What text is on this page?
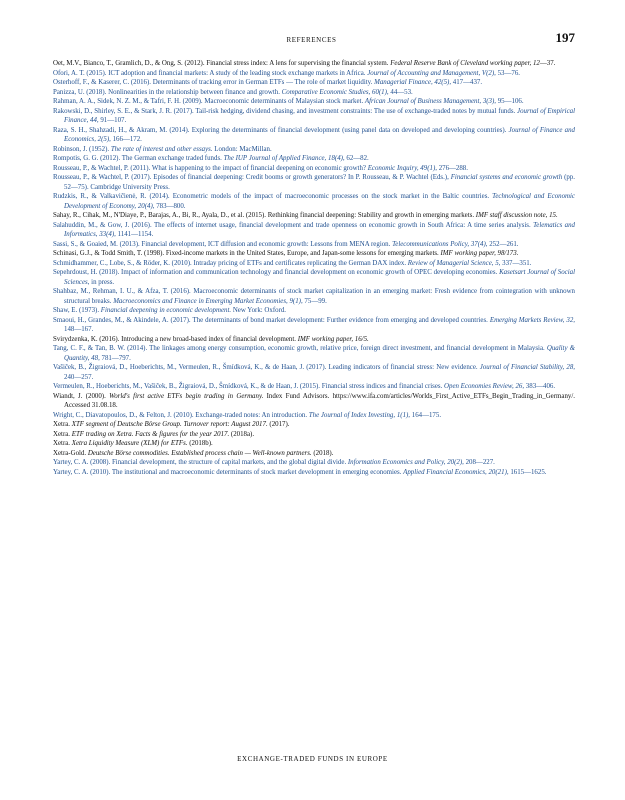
REFERENCES	197

Oet, M.V., Bianco, T., Gramlich, D., & Ong, S. (2012). Financial stress index: A lens for supervising the financial system. Federal Reserve Bank of Cleveland working paper, 12—37.

Ofori, A. T. (2015). ICT adoption and financial markets: A study of the leading stock exchange markets in Africa. Journal of Accounting and Management, V(2), 53—76.

Osterhoff, F., & Kaserer, C. (2016). Determinants of tracking error in German ETFs — The role of market liquidity. Managerial Finance, 42(5), 417—437.

Panizza, U. (2018). Nonlinearities in the relationship between finance and growth. Comparative Economic Studies, 60(1), 44—53.

Rahman, A. A., Sidek, N. Z. M., & Tafri, F. H. (2009). Macroeconomic determinants of Malaysian stock market. African Journal of Business Management, 3(3), 95—106.

Rakowski, D., Shirley, S. E., & Stark, J. R. (2017). Tail-risk hedging, dividend chasing, and investment constraints: The use of exchange-traded notes by mutual funds. Journal of Empirical Finance, 44, 91—107.

Raza, S. H., Shahzadi, H., & Akram, M. (2014). Exploring the determinants of financial development (using panel data on developed and developing countries). Journal of Finance and Economics, 2(5), 166—172.

Robinson, J. (1952). The rate of interest and other essays. London: MacMillan.

Rompotis, G. G. (2012). The German exchange traded funds. The IUP Journal of Applied Finance, 18(4), 62—82.

Rousseau, P., & Wachtel, P. (2011). What is happening to the impact of financial deepening on economic growth? Economic Inquiry, 49(1), 276—288.

Rousseau, P., & Wachtel, P. (2017). Episodes of financial deepening: Credit booms or growth generators? In P. Rousseau, & P. Wachtel (Eds.), Financial systems and economic growth (pp. 52—75). Cambridge University Press.

Rudzkis, R., & Valkavičienė, R. (2014). Econometric models of the impact of macroeconomic processes on the stock market in the Baltic countries. Technological and Economic Development of Economy, 20(4), 783—800.

Sahay, R., Cihak, M., N'Diaye, P., Barajas, A., Bi, R., Ayala, D., et al. (2015). Rethinking financial deepening: Stability and growth in emerging markets. IMF staff discussion note, 15.

Salahuddin, M., & Gow, J. (2016). The effects of internet usage, financial development and trade openness on economic growth in South Africa: A time series analysis. Telematics and Informatics, 33(4), 1141—1154.

Sassi, S., & Goaied, M. (2013). Financial development, ICT diffusion and economic growth: Lessons from MENA region. Telecommunications Policy, 37(4), 252—261.

Schinasi, G.J., & Todd Smith, T. (1998). Fixed-income markets in the United States, Europe, and Japan-some lessons for emerging markets. IMF working paper, 98/173.

Schmidhammer, C., Lobe, S., & Röder, K. (2010). Intraday pricing of ETFs and certificates replicating the German DAX index. Review of Managerial Science, 5, 337—351.

Sepehrdoust, H. (2018). Impact of information and communication technology and financial development on economic growth of OPEC developing economies. Kasetsart Journal of Social Sciences, in press.

Shahbaz, M., Rehman, I. U., & Afza, T. (2016). Macroeconomic determinants of stock market capitalization in an emerging market: Fresh evidence from cointegration with unknown structural breaks. Macroeconomics and Finance in Emerging Market Economies, 9(1), 75—99.

Shaw, E. (1973). Financial deepening in economic development. New York: Oxford.

Smaoui, H., Grandes, M., & Akindele, A. (2017). The determinants of bond market development: Further evidence from emerging and developed countries. Emerging Markets Review, 32, 148—167.

Svirydzenka, K. (2016). Introducing a new broad-based index of financial development. IMF working paper, 16/5.

Tang, C. F., & Tan, B. W. (2014). The linkages among energy consumption, economic growth, relative price, foreign direct investment, and financial development in Malaysia. Quality & Quantity, 48, 781—797.

Vašiček, B., Žigraiová, D., Hoeberichts, M., Vermeulen, R., Šmídková, K., & de Haan, J. (2017). Leading indicators of financial stress: New evidence. Journal of Financial Stability, 28, 240—257.

Vermeulen, R., Hoeberichts, M., Vašiček, B., Žigraiová, D., Šmídková, K., & de Haan, J. (2015). Financial stress indices and financial crises. Open Economies Review, 26, 383—406.

Wiandt, J. (2000). World's first active ETFs begin trading in Germany. Index Fund Advisors. https://www.ifa.com/articles/Worlds_First_Active_ETFs_Begin_Trading_in_Germany/. Accessed 31.08.18.

Wright, C., Diavatopoulos, D., & Felton, J. (2010). Exchange-traded notes: An introduction. The Journal of Index Investing, 1(1), 164—175.

Xetra. XTF segment of Deutsche Börse Group. Turnover report: August 2017. (2017).

Xetra. ETF trading on Xetra. Facts & figures for the year 2017. (2018a).

Xetra. Xetra Liquidity Measure (XLM) for ETFs. (2018b).

Xetra-Gold. Deutsche Börse commodities. Established process chain — Well-known partners. (2018).

Yartey, C. A. (2008). Financial development, the structure of capital markets, and the global digital divide. Information Economics and Policy, 20(2), 208—227.

Yartey, C. A. (2010). The institutional and macroeconomic determinants of stock market development in emerging economies. Applied Financial Economics, 20(21), 1615—1625.

EXCHANGE-TRADED FUNDS IN EUROPE
